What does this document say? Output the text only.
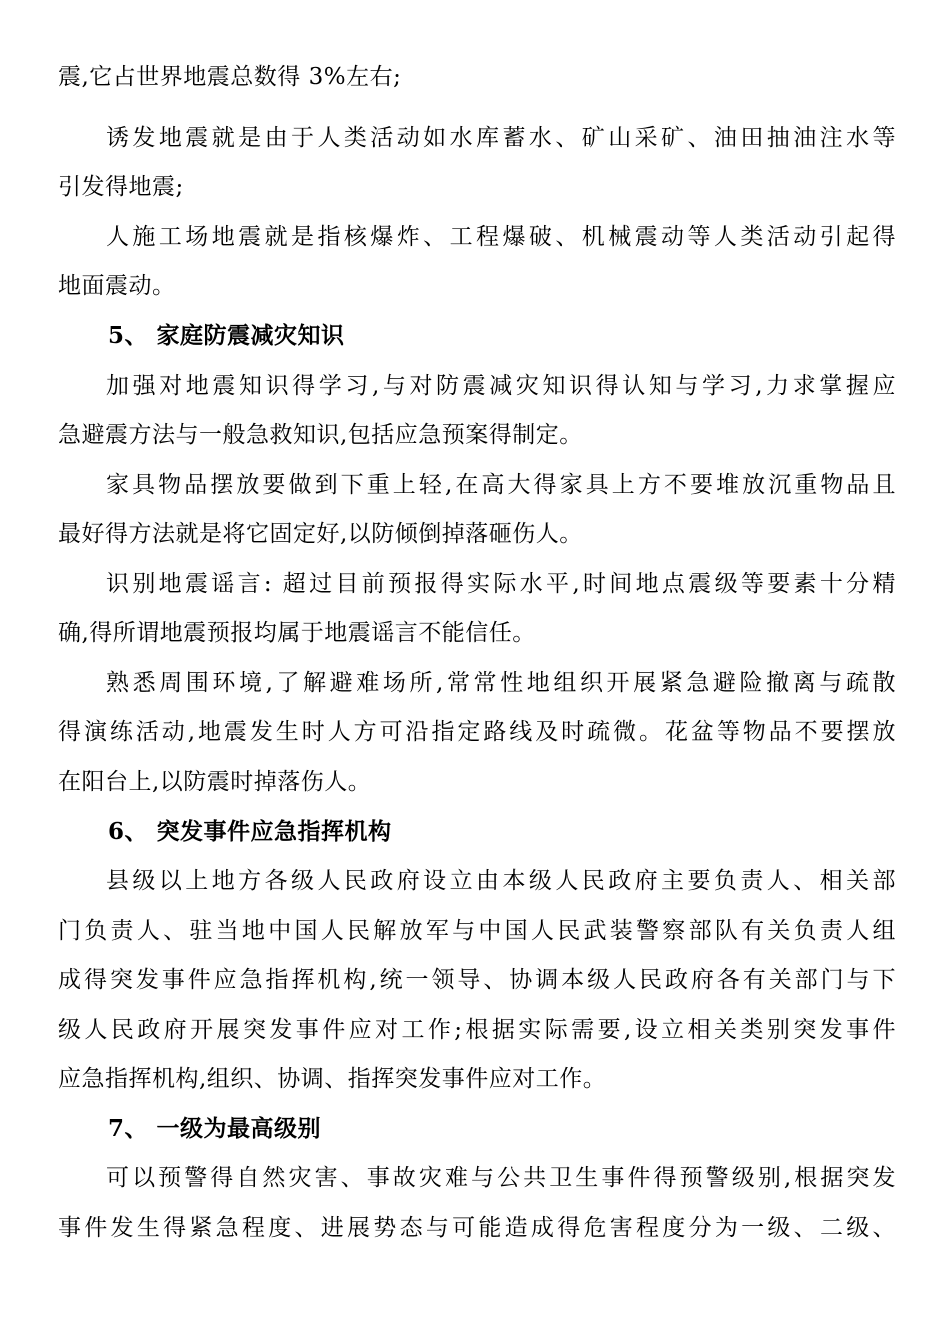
震,它占世界地震总数得 3%左右;
诱发地震就是由于人类活动如水库蓄水、矿山采矿、油田抽油注水等
引发得地震;
人施工场地震就是指核爆炸、工程爆破、机械震动等人类活动引起得
地面震动。
5、 家庭防震减灾知识
加强对地震知识得学习,与对防震减灾知识得认知与学习,力求掌握应
急避震方法与一般急救知识,包括应急预案得制定。
家具物品摆放要做到下重上轻,在高大得家具上方不要堆放沉重物品且
最好得方法就是将它固定好,以防倾倒掉落砸伤人。
识别地震谣言: 超过目前预报得实际水平,时间地点震级等要素十分精
确,得所谓地震预报均属于地震谣言不能信任。
熟悉周围环境,了解避难场所,常常性地组织开展紧急避险撤离与疏散
得演练活动,地震发生时人方可沿指定路线及时疏微。花盆等物品不要摆放
在阳台上,以防震时掉落伤人。
6、 突发事件应急指挥机构
县级以上地方各级人民政府设立由本级人民政府主要负责人、相关部
门负责人、驻当地中国人民解放军与中国人民武装警察部队有关负责人组
成得突发事件应急指挥机构,统一领导、协调本级人民政府各有关部门与下
级人民政府开展突发事件应对工作;根据实际需要,设立相关类别突发事件
应急指挥机构,组织、协调、指挥突发事件应对工作。
7、 一级为最高级别
可以预警得自然灾害、事故灾难与公共卫生事件得预警级别,根据突发
事件发生得紧急程度、进展势态与可能造成得危害程度分为一级、二级、
